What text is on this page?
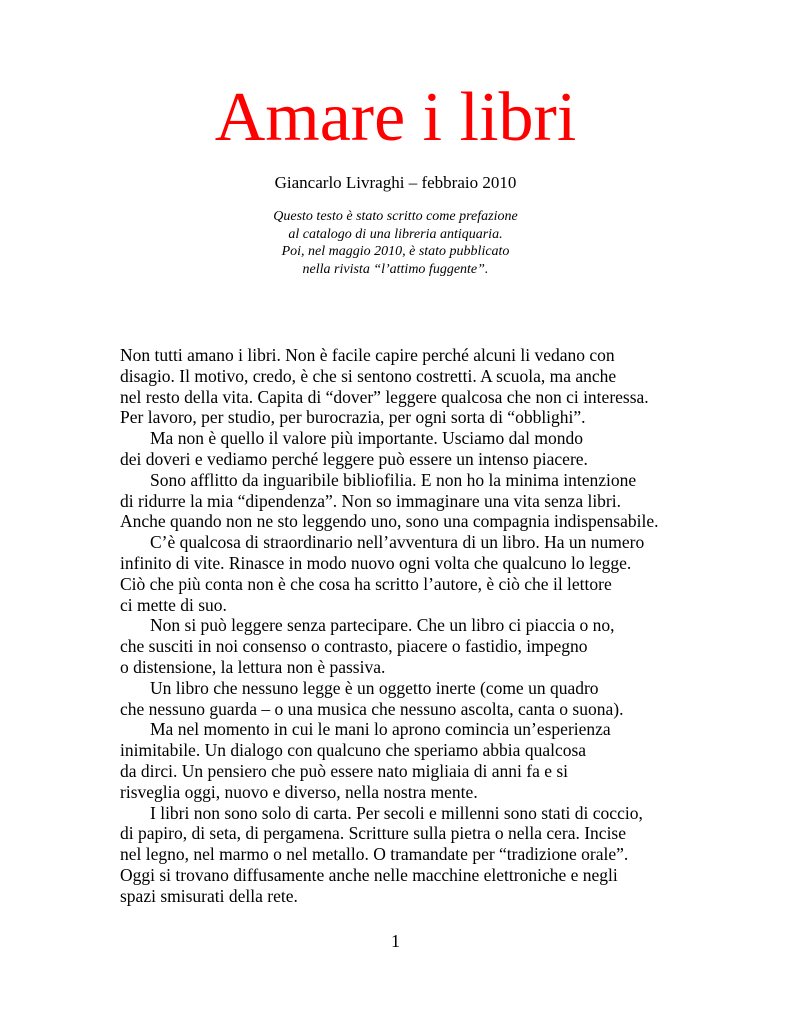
Amare i libri
Giancarlo Livraghi – febbraio 2010
Questo testo è stato scritto come prefazione
al catalogo di una libreria antiquaria.
Poi, nel maggio 2010, è stato pubblicato
nella rivista “l’attimo fuggente”.
Non tutti amano i libri. Non è facile capire perché alcuni li vedano con
disagio. Il motivo, credo, è che si sentono costretti. A scuola, ma anche
nel resto della vita. Capita di “dover” leggere qualcosa che non ci interessa.
Per lavoro, per studio, per burocrazia, per ogni sorta di “obblighi”.
Ma non è quello il valore più importante. Usciamo dal mondo
dei doveri e vediamo perché leggere può essere un intenso piacere.
Sono afflitto da inguaribile bibliofilia. E non ho la minima intenzione
di ridurre la mia “dipendenza”. Non so immaginare una vita senza libri.
Anche quando non ne sto leggendo uno, sono una compagnia indispensabile.
C’è qualcosa di straordinario nell’avventura di un libro. Ha un numero
infinito di vite. Rinasce in modo nuovo ogni volta che qualcuno lo legge.
Ciò che più conta non è che cosa ha scritto l’autore, è ciò che il lettore
ci mette di suo.
Non si può leggere senza partecipare. Che un libro ci piaccia o no,
che susciti in noi consenso o contrasto, piacere o fastidio, impegno
o distensione, la lettura non è passiva.
Un libro che nessuno legge è un oggetto inerte (come un quadro
che nessuno guarda – o una musica che nessuno ascolta, canta o suona).
Ma nel momento in cui le mani lo aprono comincia un’esperienza
inimitabile. Un dialogo con qualcuno che speriamo abbia qualcosa
da dirci. Un pensiero che può essere nato migliaia di anni fa e si
risveglia oggi, nuovo e diverso, nella nostra mente.
I libri non sono solo di carta. Per secoli e millenni sono stati di coccio,
di papiro, di seta, di pergamena. Scritture sulla pietra o nella cera. Incise
nel legno, nel marmo o nel metallo. O tramandate per “tradizione orale”.
Oggi si trovano diffusamente anche nelle macchine elettroniche e negli
spazi smisurati della rete.
1
